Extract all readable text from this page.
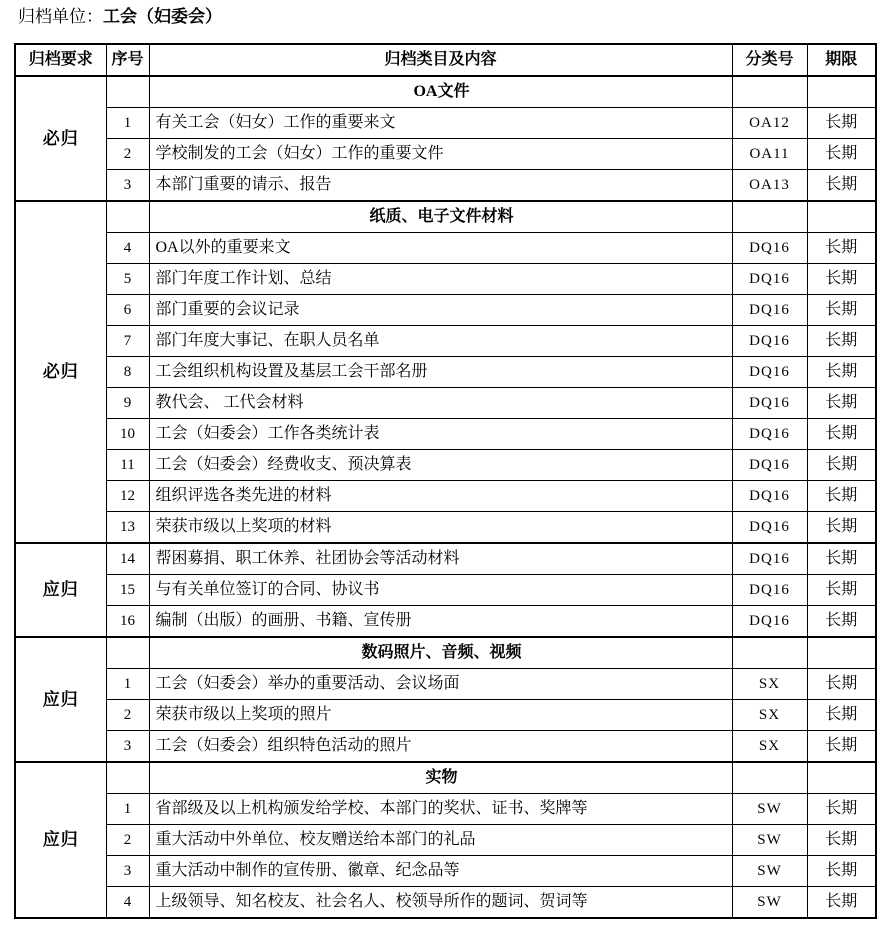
归档单位：工会（妇委会）
归档要求	序号	归档类目及内容	分类号	期限
必归		OA文件		
	1	有关工会（妇女）工作的重要来文	OA12	长期
	2	学校制发的工会（妇女）工作的重要文件	OA11	长期
	3	本部门重要的请示、报告	OA13	长期
必归		纸质、电子文件材料		
	4	OA以外的重要来文	DQ16	长期
	5	部门年度工作计划、总结	DQ16	长期
	6	部门重要的会议记录	DQ16	长期
	7	部门年度大事记、在职人员名单	DQ16	长期
	8	工会组织机构设置及基层工会干部名册	DQ16	长期
	9	教代会、 工代会材料	DQ16	长期
	10	工会（妇委会）工作各类统计表	DQ16	长期
	11	工会（妇委会）经费收支、预决算表	DQ16	长期
	12	组织评选各类先进的材料	DQ16	长期
	13	荣获市级以上奖项的材料	DQ16	长期
应归	14	帮困募捐、职工休养、社团协会等活动材料	DQ16	长期
	15	与有关单位签订的合同、协议书	DQ16	长期
	16	编制（出版）的画册、书籍、宣传册	DQ16	长期
应归		数码照片、音频、视频		
	1	工会（妇委会）举办的重要活动、会议场面	SX	长期
	2	荣获市级以上奖项的照片	SX	长期
	3	工会（妇委会）组织特色活动的照片	SX	长期
应归		实物		
	1	省部级及以上机构颁发给学校、本部门的奖状、证书、奖牌等	SW	长期
	2	重大活动中外单位、校友赠送给本部门的礼品	SW	长期
	3	重大活动中制作的宣传册、徽章、纪念品等	SW	长期
	4	上级领导、知名校友、社会名人、校领导所作的题词、贺词等	SW	长期
